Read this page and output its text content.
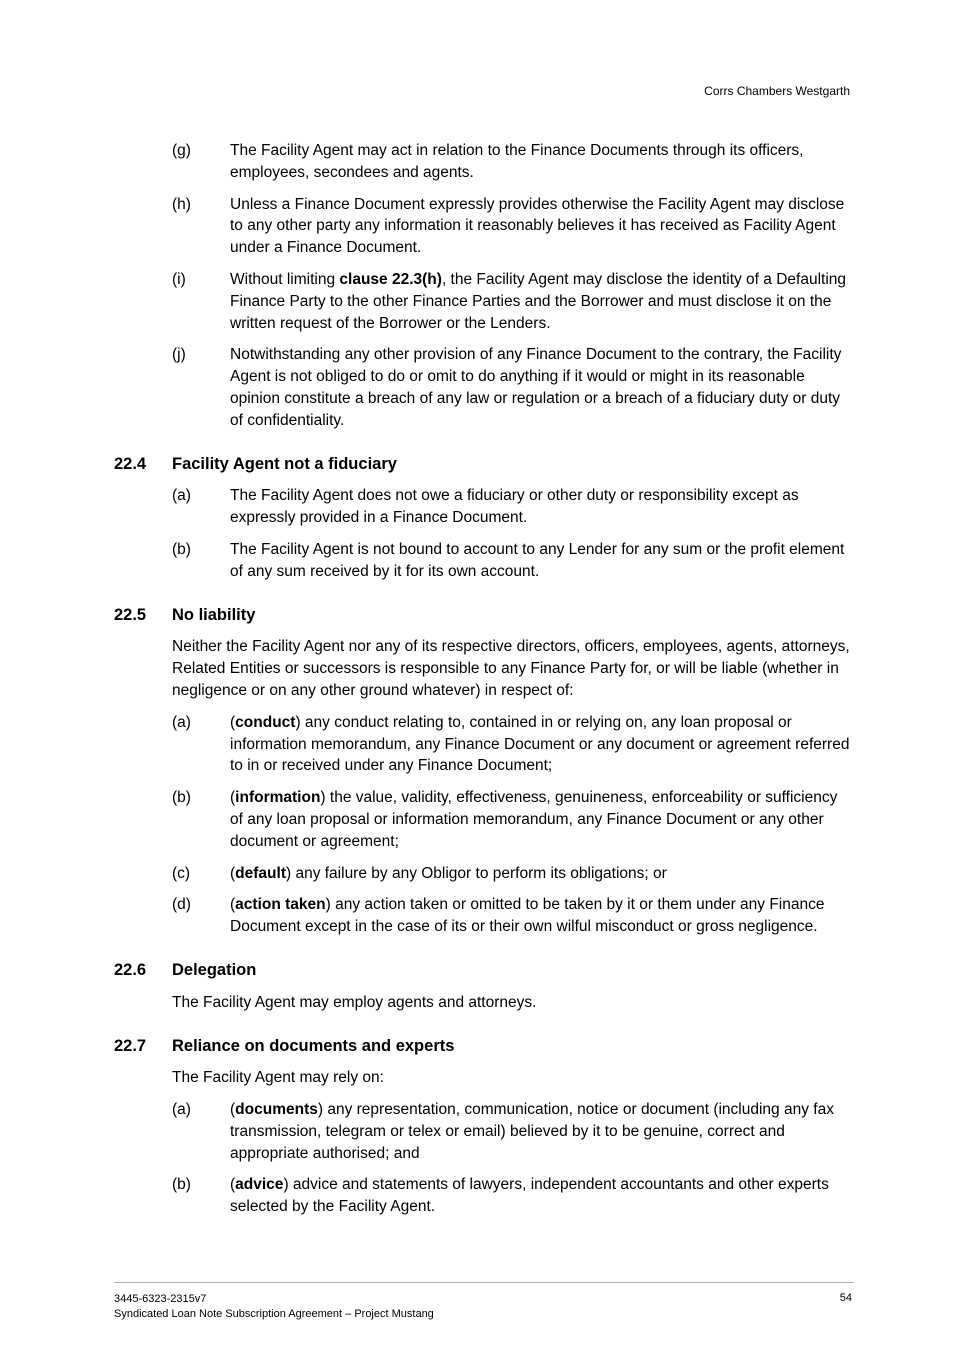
Corrs Chambers Westgarth
(g)	The Facility Agent may act in relation to the Finance Documents through its officers, employees, secondees and agents.
(h)	Unless a Finance Document expressly provides otherwise the Facility Agent may disclose to any other party any information it reasonably believes it has received as Facility Agent under a Finance Document.
(i)	Without limiting clause 22.3(h), the Facility Agent may disclose the identity of a Defaulting Finance Party to the other Finance Parties and the Borrower and must disclose it on the written request of the Borrower or the Lenders.
(j)	Notwithstanding any other provision of any Finance Document to the contrary, the Facility Agent is not obliged to do or omit to do anything if it would or might in its reasonable opinion constitute a breach of any law or regulation or a breach of a fiduciary duty or duty of confidentiality.
22.4	Facility Agent not a fiduciary
(a)	The Facility Agent does not owe a fiduciary or other duty or responsibility except as expressly provided in a Finance Document.
(b)	The Facility Agent is not bound to account to any Lender for any sum or the profit element of any sum received by it for its own account.
22.5	No liability
Neither the Facility Agent nor any of its respective directors, officers, employees, agents, attorneys, Related Entities or successors is responsible to any Finance Party for, or will be liable (whether in negligence or on any other ground whatever) in respect of:
(a)	(conduct) any conduct relating to, contained in or relying on, any loan proposal or information memorandum, any Finance Document or any document or agreement referred to in or received under any Finance Document;
(b)	(information) the value, validity, effectiveness, genuineness, enforceability or sufficiency of any loan proposal or information memorandum, any Finance Document or any other document or agreement;
(c)	(default) any failure by any Obligor to perform its obligations; or
(d)	(action taken) any action taken or omitted to be taken by it or them under any Finance Document except in the case of its or their own wilful misconduct or gross negligence.
22.6	Delegation
The Facility Agent may employ agents and attorneys.
22.7	Reliance on documents and experts
The Facility Agent may rely on:
(a)	(documents) any representation, communication, notice or document (including any fax transmission, telegram or telex or email) believed by it to be genuine, correct and appropriate authorised; and
(b)	(advice) advice and statements of lawyers, independent accountants and other experts selected by the Facility Agent.
3445-6323-2315v7
Syndicated Loan Note Subscription Agreement – Project Mustang
54
